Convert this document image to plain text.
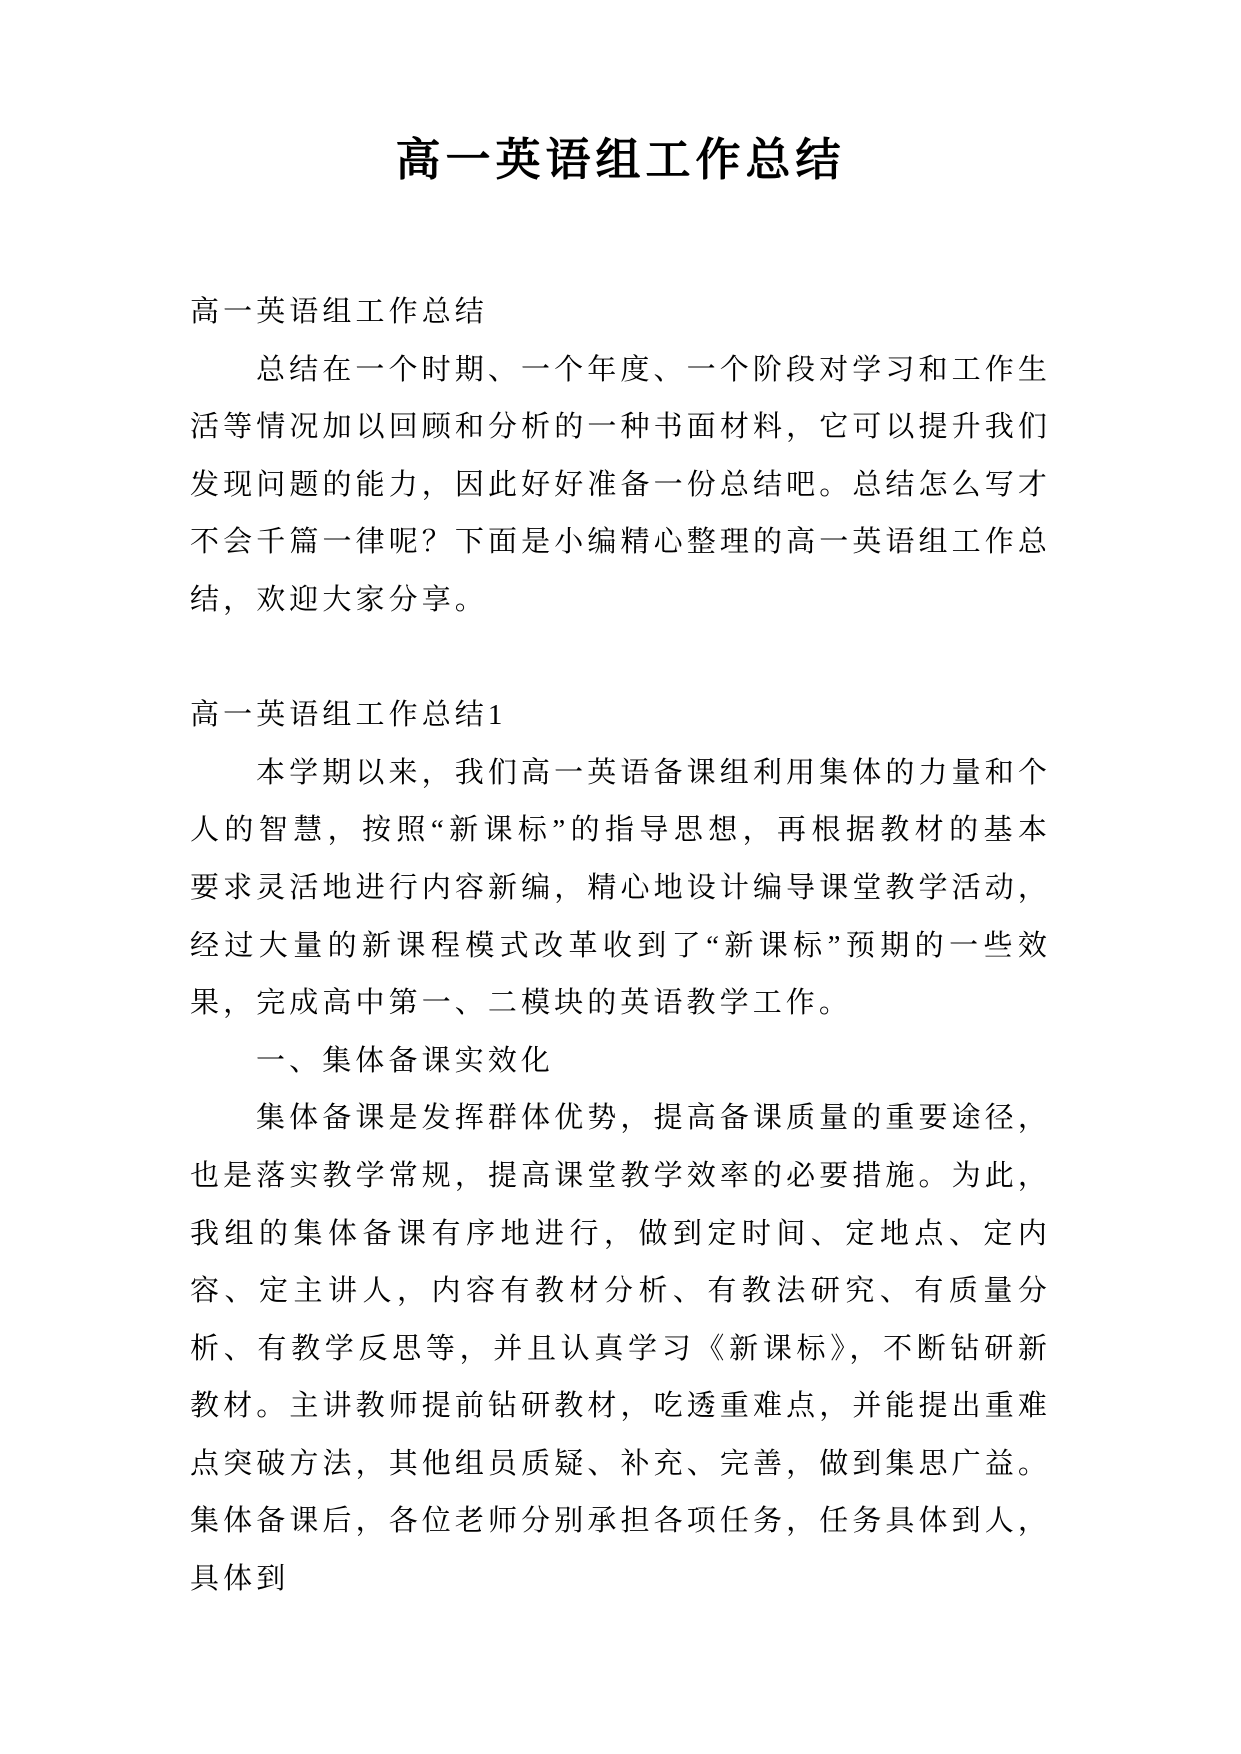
高一英语组工作总结

高一英语组工作总结

总结在一个时期、一个年度、一个阶段对学习和工作生活等情况加以回顾和分析的一种书面材料，它可以提升我们发现问题的能力，因此好好准备一份总结吧。总结怎么写才不会千篇一律呢？下面是小编精心整理的高一英语组工作总结，欢迎大家分享。

高一英语组工作总结1

本学期以来，我们高一英语备课组利用集体的力量和个人的智慧，按照“新课标”的指导思想，再根据教材的基本要求灵活地进行内容新编，精心地设计编导课堂教学活动，经过大量的新课程模式改革收到了“新课标”预期的一些效果，完成高中第一、二模块的英语教学工作。

一、集体备课实效化

集体备课是发挥群体优势，提高备课质量的重要途径，也是落实教学常规，提高课堂教学效率的必要措施。为此，我组的集体备课有序地进行，做到定时间、定地点、定内容、定主讲人，内容有教材分析、有教法研究、有质量分析、有教学反思等，并且认真学习《新课标》，不断钻研新教材。主讲教师提前钻研教材，吃透重难点，并能提出重难点突破方法，其他组员质疑、补充、完善，做到集思广益。集体备课后，各位老师分别承担各项任务，任务具体到人，具体到
